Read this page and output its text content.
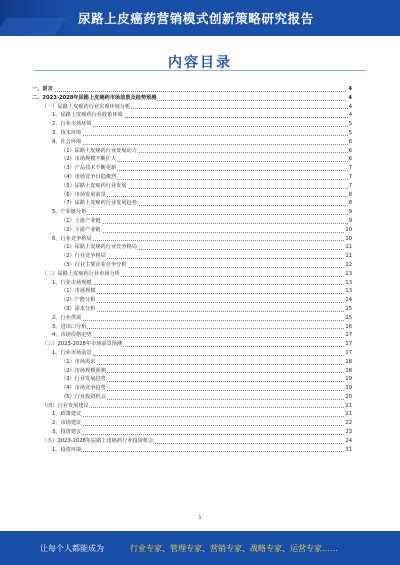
尿路上皮癌药营销模式创新策略研究报告
内容目录
一、前言	4
二、2023-2028年尿路上皮癌药市场前景及趋势预测	4
（一）尿路上皮癌药行业宏观环境分析	4
1、尿路上皮癌药行业政策环境	4
2、行业市场环境	5
3、技术环境	5
4、社会环境	6
（1）尿路上皮癌药行业发展动力	6
（2）市场规模不断扩大	6
（3）产品技术不断更新	7
（4）市场竞争日趋激烈	7
（5）尿路上皮癌药行业发展	7
（6）市场发展前景	8
（7）尿路上皮癌药行业发展趋势	8
5、产业链分析	9
（1）上游产业链	9
（2）下游产业链	10
6、行业竞争格局	10
（1）尿路上皮癌药行业竞争格局	11
（2）行业竞争格局	11
（3）行业主要企业竞争分析	12
（二）尿路上皮癌药行业市场分析	13
1、行业市场规模	13
（1）市场规模	13
（2）产能分析	14
（3）需求分析	15
2、行业供需	15
3、进出口分析	16
4、市场价格走势	17
（三）2023-2028年市场前景预测	17
1、行业市场前景	17
（1）市场需求	18
（2）市场规模预测	18
（3）行业发展趋势	19
（4）市场竞争趋势	19
（5）行业投资机会	20
（四）行业发展建议	21
1、政策建议	21
2、市场建议	22
3、投资建议	23
（五）2023-2028年尿路上皮癌药行业投资机会	24
1、投资环境	31
1
让每个人都能成为	行业专家、管理专家、营销专家、战略专家、运营专家……
